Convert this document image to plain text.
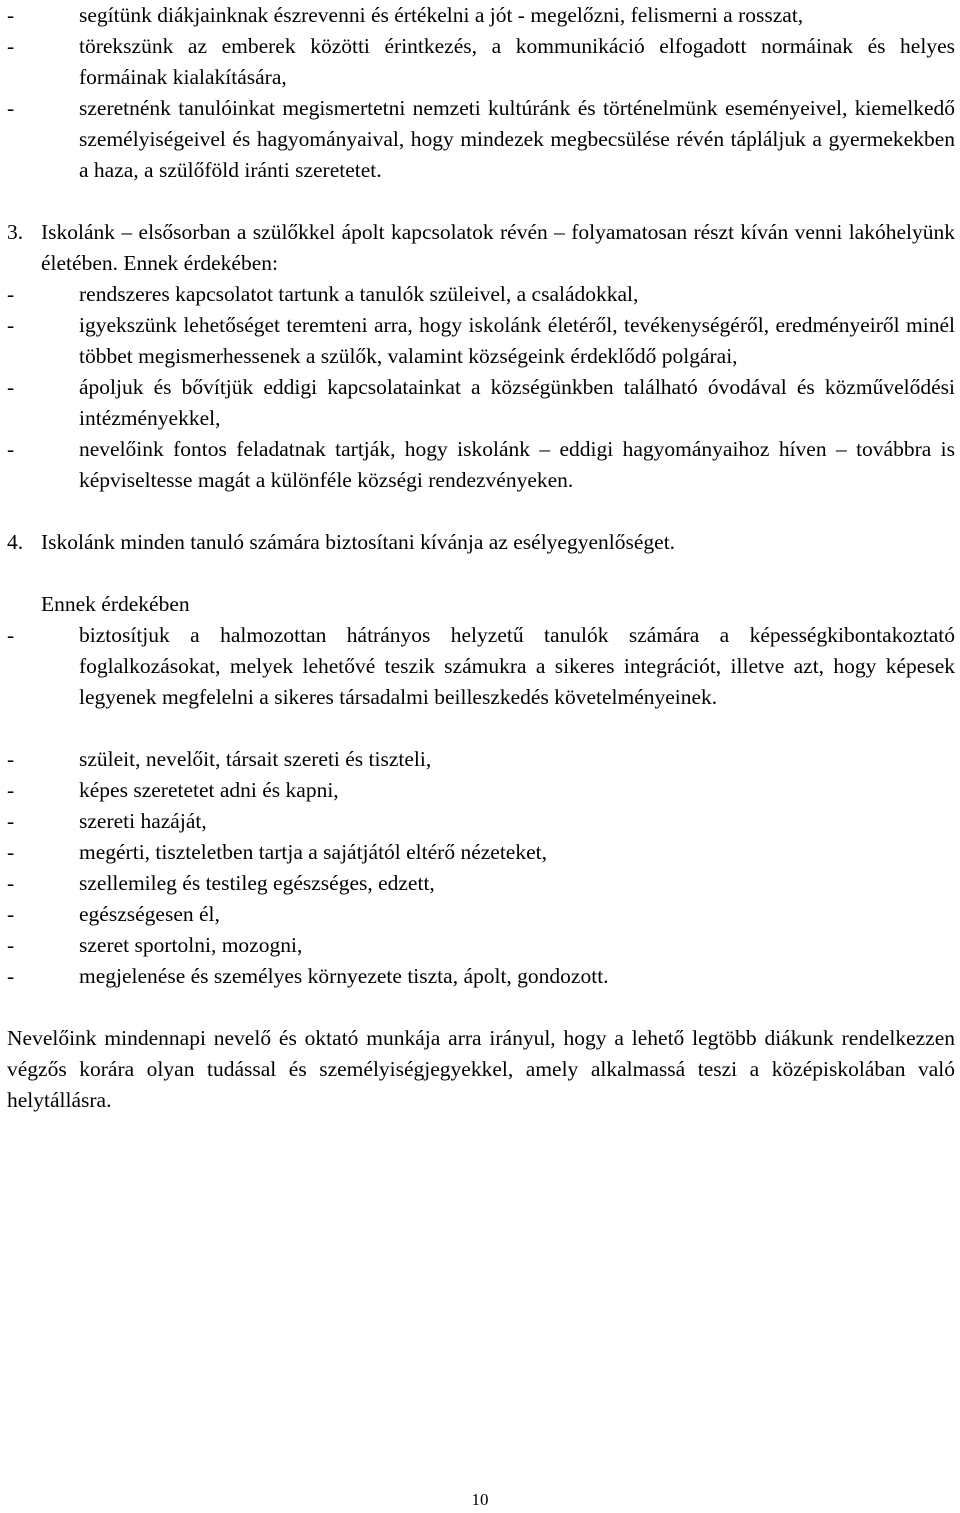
-	segítünk diákjainknak észrevenni és értékelni a jót - megelőzni, felismerni a rosszat,
-	törekszünk az emberek közötti érintkezés, a kommunikáció elfogadott normáinak és helyes formáinak kialakítására,
-	szeretnénk tanulóinkat megismertetni nemzeti kultúránk és történelmünk eseményeivel, kiemelkedő személyiségeivel és hagyományaival, hogy mindezek megbecsülése révén tápláljuk a gyermekekben a haza, a szülőföld iránti szeretetet.
3. Iskolánk – elsősorban a szülőkkel ápolt kapcsolatok révén – folyamatosan részt kíván venni lakóhelyünk életében. Ennek érdekében:
-	rendszeres kapcsolatot tartunk a tanulók szüleivel, a családokkal,
-	igyekszünk lehetőséget teremteni arra, hogy iskolánk életéről, tevékenységéről, eredményeiről minél többet megismerhessenek a szülők, valamint községeink érdeklődő polgárai,
-	ápoljuk és bővítjük eddigi kapcsolatainkat a községünkben található óvodával és közművelődési intézményekkel,
-	nevelőink fontos feladatnak tartják, hogy iskolánk – eddigi hagyományaihoz híven – továbbra is képviseltesse magát a különféle községi rendezvényeken.
4. Iskolánk minden tanuló számára biztosítani kívánja az esélyegyenlőséget.
Ennek érdekében
-	biztosítjuk a halmozottan hátrányos helyzetű tanulók számára a képességkibontakoztató foglalkozásokat, melyek lehetővé teszik számukra a sikeres integrációt, illetve azt, hogy képesek legyenek megfelelni a sikeres társadalmi beilleszkedés követelményeinek.
-	szüleit, nevelőit, társait szereti és tiszteli,
-	képes szeretetet adni és kapni,
-	szereti hazáját,
-	megérti, tiszteletben tartja a sajátjától eltérő nézeteket,
-	szellemileg és testileg egészséges, edzett,
-	egészségesen él,
-	szeret sportolni, mozogni,
-	megjelenése és személyes környezete tiszta, ápolt, gondozott.
Nevelőink mindennapi nevelő és oktató munkája arra irányul, hogy a lehető legtöbb diákunk rendelkezzen végzős korára olyan tudással és személyiségjegyekkel, amely alkalmassá teszi a középiskolában való helytállásra.
10
